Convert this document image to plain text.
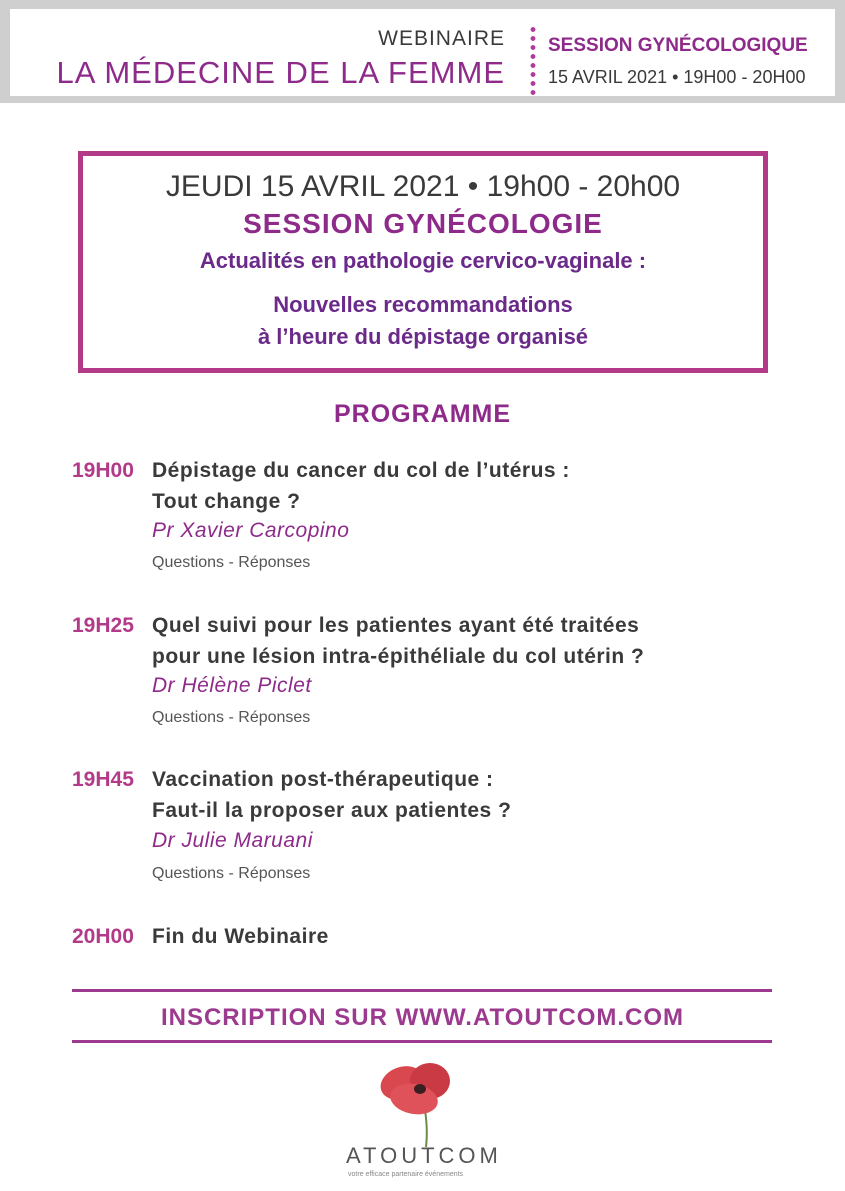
WEBINAIRE
LA MÉDECINE DE LA FEMME
SESSION GYNÉCOLOGIQUE
15 AVRIL 2021 • 19H00 - 20H00
JEUDI 15 AVRIL 2021 • 19h00 - 20h00
SESSION GYNÉCOLOGIE
Actualités en pathologie cervico-vaginale :
Nouvelles recommandations
à l’heure du dépistage organisé
PROGRAMME
19H00 Dépistage du cancer du col de l’utérus :
Tout change ?
Pr Xavier Carcopino
Questions - Réponses
19H25 Quel suivi pour les patientes ayant été traitées
pour une lésion intra-épithéliale du col utérin ?
Dr Hélène Piclet
Questions - Réponses
19H45 Vaccination post-thérapeutique :
Faut-il la proposer aux patientes ?
Dr Julie Maruani
Questions - Réponses
20H00 Fin du Webinaire
INSCRIPTION SUR WWW.ATOUTCOM.COM
ATOUTCOM
votre efficace partenaire événements
